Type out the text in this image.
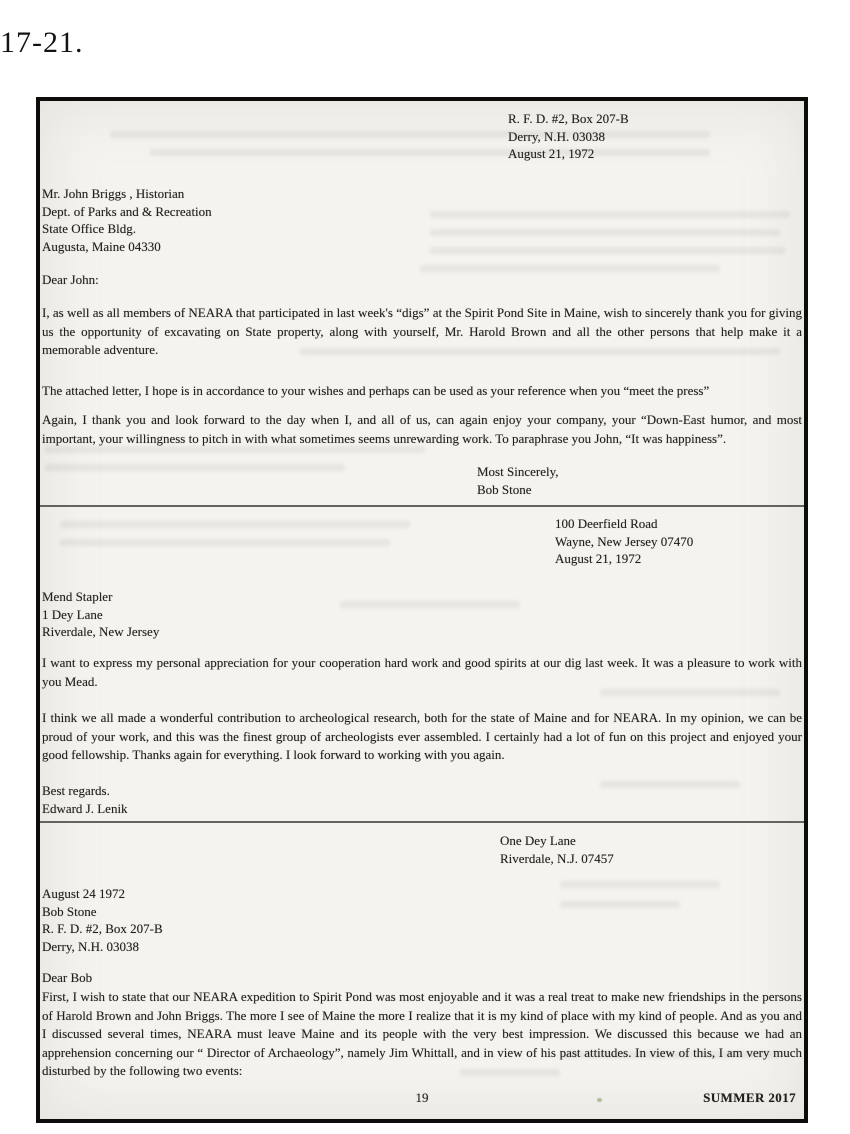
17-21.
R. F. D. #2, Box 207-B
Derry, N.H. 03038
August 21, 1972
Mr. John Briggs , Historian
Dept. of Parks and & Recreation
State Office Bldg.
Augusta, Maine 04330
Dear John:
I, as well as all members of NEARA that participated in last week's “digs” at the Spirit Pond Site in Maine, wish to sincerely thank you for giving us the opportunity of excavating on State property, along with yourself, Mr. Harold Brown and all the other persons that help make it a memorable adventure.
The attached letter, I hope is in accordance to your wishes and perhaps can be used as your reference when you “meet the press”
Again, I thank you and look forward to the day when I, and all of us, can again enjoy your company, your “Down-East humor, and most important, your willingness to pitch in with what sometimes seems unrewarding work. To paraphrase you John, “It was happiness”.
Most Sincerely,
Bob Stone
100 Deerfield Road
Wayne, New Jersey 07470
August 21, 1972
Mend Stapler
1 Dey Lane
Riverdale, New Jersey
I want to express my personal appreciation for your cooperation hard work and good spirits at our dig last week. It was a pleasure to work with you Mead.
I think we all made a wonderful contribution to archeological research, both for the state of Maine and for NEARA. In my opinion, we can be proud of your work, and this was the finest group of archeologists ever assembled. I certainly had a lot of fun on this project and enjoyed your good fellowship. Thanks again for everything. I look forward to working with you again.
Best regards.
Edward J. Lenik
One Dey Lane
Riverdale, N.J. 07457
August 24 1972
Bob Stone
R. F. D. #2, Box 207-B
Derry, N.H. 03038
Dear Bob
First, I wish to state that our NEARA expedition to Spirit Pond was most enjoyable and it was a real treat to make new friendships in the persons of Harold Brown and John Briggs. The more I see of Maine the more I realize that it is my kind of place with my kind of people. And as you and I discussed several times, NEARA must leave Maine and its people with the very best impression. We discussed this because we had an apprehension concerning our “ Director of Archaeology”, namely Jim Whittall, and in view of his past attitudes. In view of this, I am very much disturbed by the following two events:
19	SUMMER 2017
